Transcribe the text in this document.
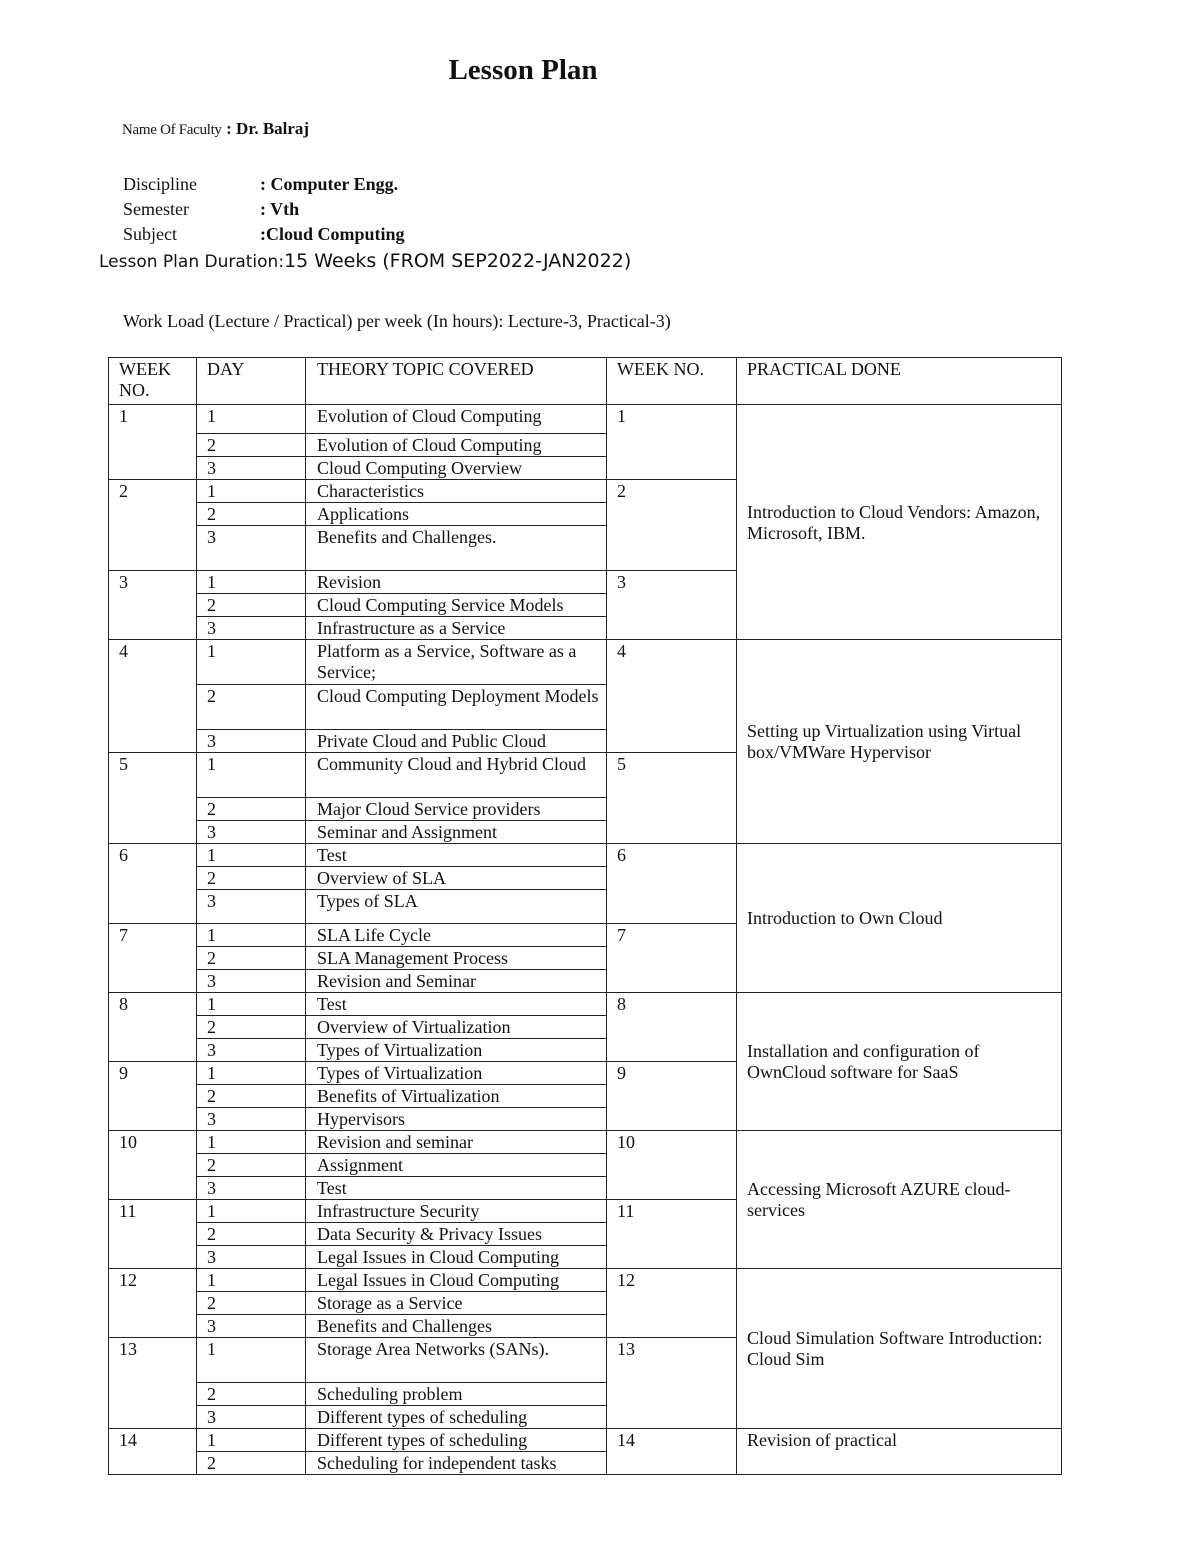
Lesson Plan
Name Of Faculty : Dr. Balraj
Discipline	: Computer Engg.
Semester	: Vth
Subject	:Cloud Computing
Lesson Plan Duration:15 Weeks (FROM SEP2022-JAN2022)
Work Load (Lecture / Practical) per week (In hours): Lecture-3, Practical-3)
WEEK NO.	DAY	THEORY TOPIC COVERED	WEEK NO.	PRACTICAL DONE
1	1	Evolution of Cloud Computing	1	Introduction to Cloud Vendors: Amazon, Microsoft, IBM.
	2	Evolution of Cloud Computing		
	3	Cloud Computing Overview		
2	1	Characteristics	2	
	2	Applications		
	3	Benefits and Challenges.		
3	1	Revision	3	
	2	Cloud Computing Service Models		
	3	Infrastructure as a Service		
4	1	Platform as a Service, Software as a Service;	4	Setting up Virtualization using Virtual box/VMWare Hypervisor
	2	Cloud Computing Deployment Models		
	3	Private Cloud and Public Cloud		
5	1	Community Cloud and Hybrid Cloud	5	
	2	Major Cloud Service providers		
	3	Seminar and Assignment		
6	1	Test	6	Introduction to Own Cloud
	2	Overview of SLA		
	3	Types of SLA		
7	1	SLA Life Cycle	7	
	2	SLA Management Process		
	3	Revision and Seminar		
8	1	Test	8	Installation and configuration of OwnCloud software for SaaS
	2	Overview of Virtualization		
	3	Types of Virtualization		
9	1	Types of Virtualization	9	
	2	Benefits of Virtualization		
	3	Hypervisors		
10	1	Revision and seminar	10	Accessing Microsoft AZURE cloud-services
	2	Assignment		
	3	Test		
11	1	Infrastructure Security	11	
	2	Data Security & Privacy Issues		
	3	Legal Issues in Cloud Computing		
12	1	Legal Issues in Cloud Computing	12	Cloud Simulation Software Introduction: Cloud Sim
	2	Storage as a Service		
	3	Benefits and Challenges		
13	1	Storage Area Networks (SANs).	13	
	2	Scheduling problem		
	3	Different types of scheduling		
14	1	Different types of scheduling	14	Revision of practical
	2	Scheduling for independent tasks		
